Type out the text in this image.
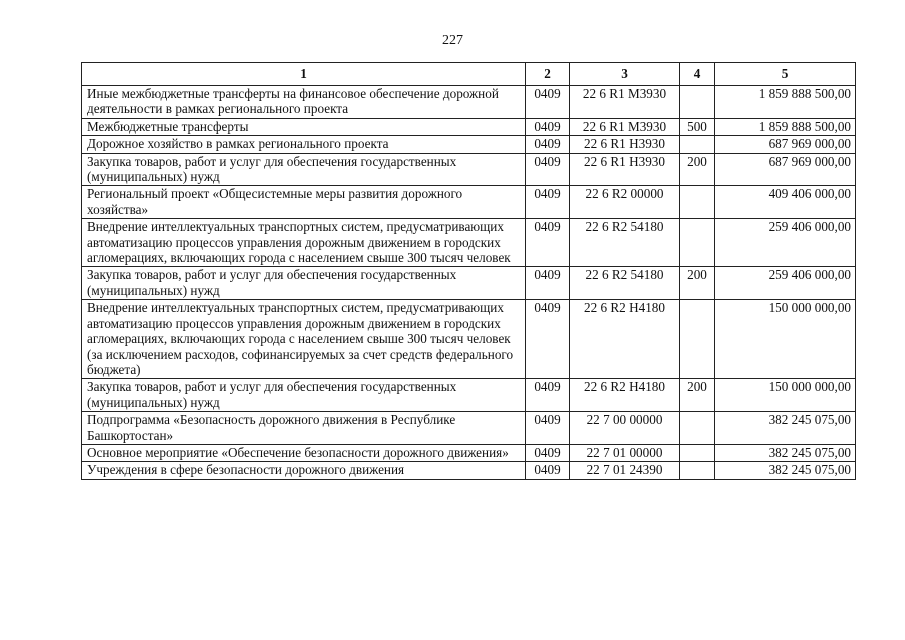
227
1	2	3	4	5
Иные межбюджетные трансферты на финансовое обеспечение дорожной деятельности в рамках регионального проекта	0409	22 6 R1 М3930		1 859 888 500,00
Межбюджетные трансферты	0409	22 6 R1 М3930	500	1 859 888 500,00
Дорожное хозяйство в рамках регионального проекта	0409	22 6 R1 Н3930		687 969 000,00
Закупка товаров, работ и услуг для обеспечения государственных (муниципальных) нужд	0409	22 6 R1 Н3930	200	687 969 000,00
Региональный проект «Общесистемные меры развития дорожного хозяйства»	0409	22 6 R2 00000		409 406 000,00
Внедрение интеллектуальных транспортных систем, предусматривающих автоматизацию процессов управления дорожным движением в городских агломерациях, включающих города с населением свыше 300 тысяч человек	0409	22 6 R2 54180		259 406 000,00
Закупка товаров, работ и услуг для обеспечения государственных (муниципальных) нужд	0409	22 6 R2 54180	200	259 406 000,00
Внедрение интеллектуальных транспортных систем, предусматривающих автоматизацию процессов управления дорожным движением в городских агломерациях, включающих города с населением свыше 300 тысяч человек (за исключением расходов, софинансируемых за счет средств федерального бюджета)	0409	22 6 R2 Н4180		150 000 000,00
Закупка товаров, работ и услуг для обеспечения государственных (муниципальных) нужд	0409	22 6 R2 Н4180	200	150 000 000,00
Подпрограмма «Безопасность дорожного движения в Республике Башкортостан»	0409	22 7 00 00000		382 245 075,00
Основное мероприятие «Обеспечение безопасности дорожного движения»	0409	22 7 01 00000		382 245 075,00
Учреждения в сфере безопасности дорожного движения	0409	22 7 01 24390		382 245 075,00
